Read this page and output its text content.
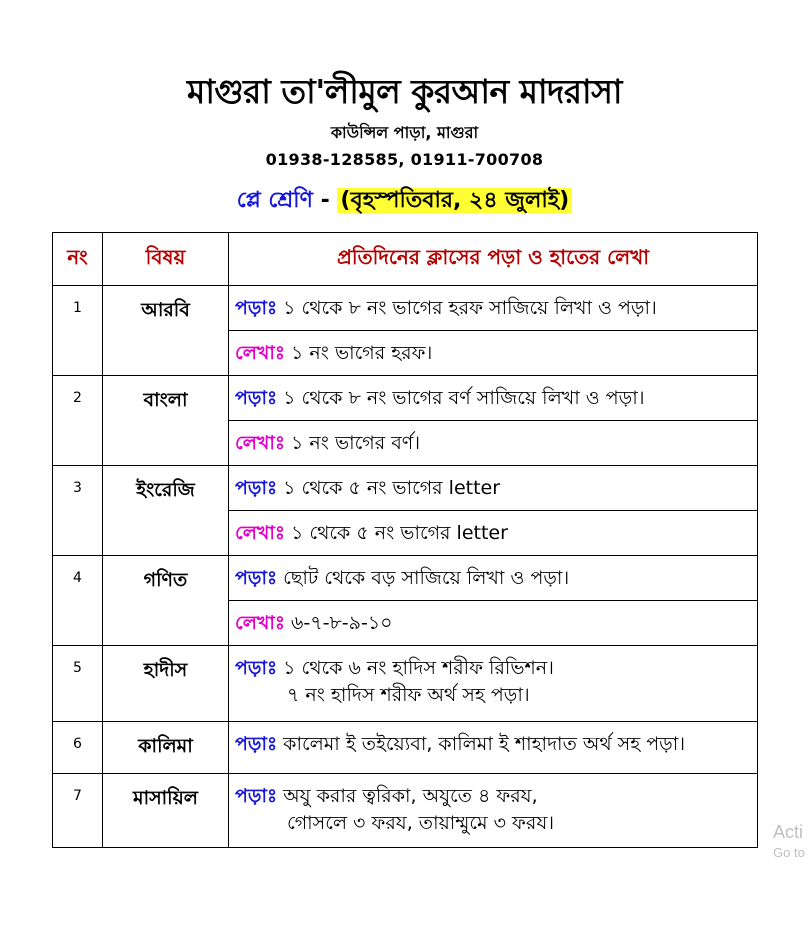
মাগুরা তা'লীমুল কুরআন মাদরাসা
কাউন্সিল পাড়া, মাগুরা
01938-128585, 01911-700708
প্লে শ্রেণি - (বৃহস্পতিবার, ২৪ জুলাই)
নং	বিষয়	প্রতিদিনের ক্লাসের পড়া ও হাতের লেখা
1	আরবি	পড়াঃ ১ থেকে ৮ নং ভাগের হরফ সাজিয়ে লিখা ও পড়া।
		লেখাঃ ১ নং ভাগের হরফ।
2	বাংলা	পড়াঃ ১ থেকে ৮ নং ভাগের বর্ণ সাজিয়ে লিখা ও পড়া।
		লেখাঃ ১ নং ভাগের বর্ণ।
3	ইংরেজি	পড়াঃ ১ থেকে ৫ নং ভাগের letter
		লেখাঃ ১ থেকে ৫ নং ভাগের letter
4	গণিত	পড়াঃ ছোট থেকে বড় সাজিয়ে লিখা ও পড়া।
		লেখাঃ ৬-৭-৮-৯-১০
5	হাদীস	পড়াঃ ১ থেকে ৬ নং হাদিস শরীফ রিভিশন।
৭ নং হাদিস শরীফ অর্থ সহ পড়া।

6	কালিমা	পড়াঃ কালেমা ই তইয়্যেবা, কালিমা ই শাহাদাত অর্থ সহ পড়া।
7	মাসায়িল	পড়াঃ অযু করার ত্বরিকা, অযুতে ৪ ফরয,
গোসলে ৩ ফরয, তায়াম্মুমে ৩ ফরয।	Acti
Go to
